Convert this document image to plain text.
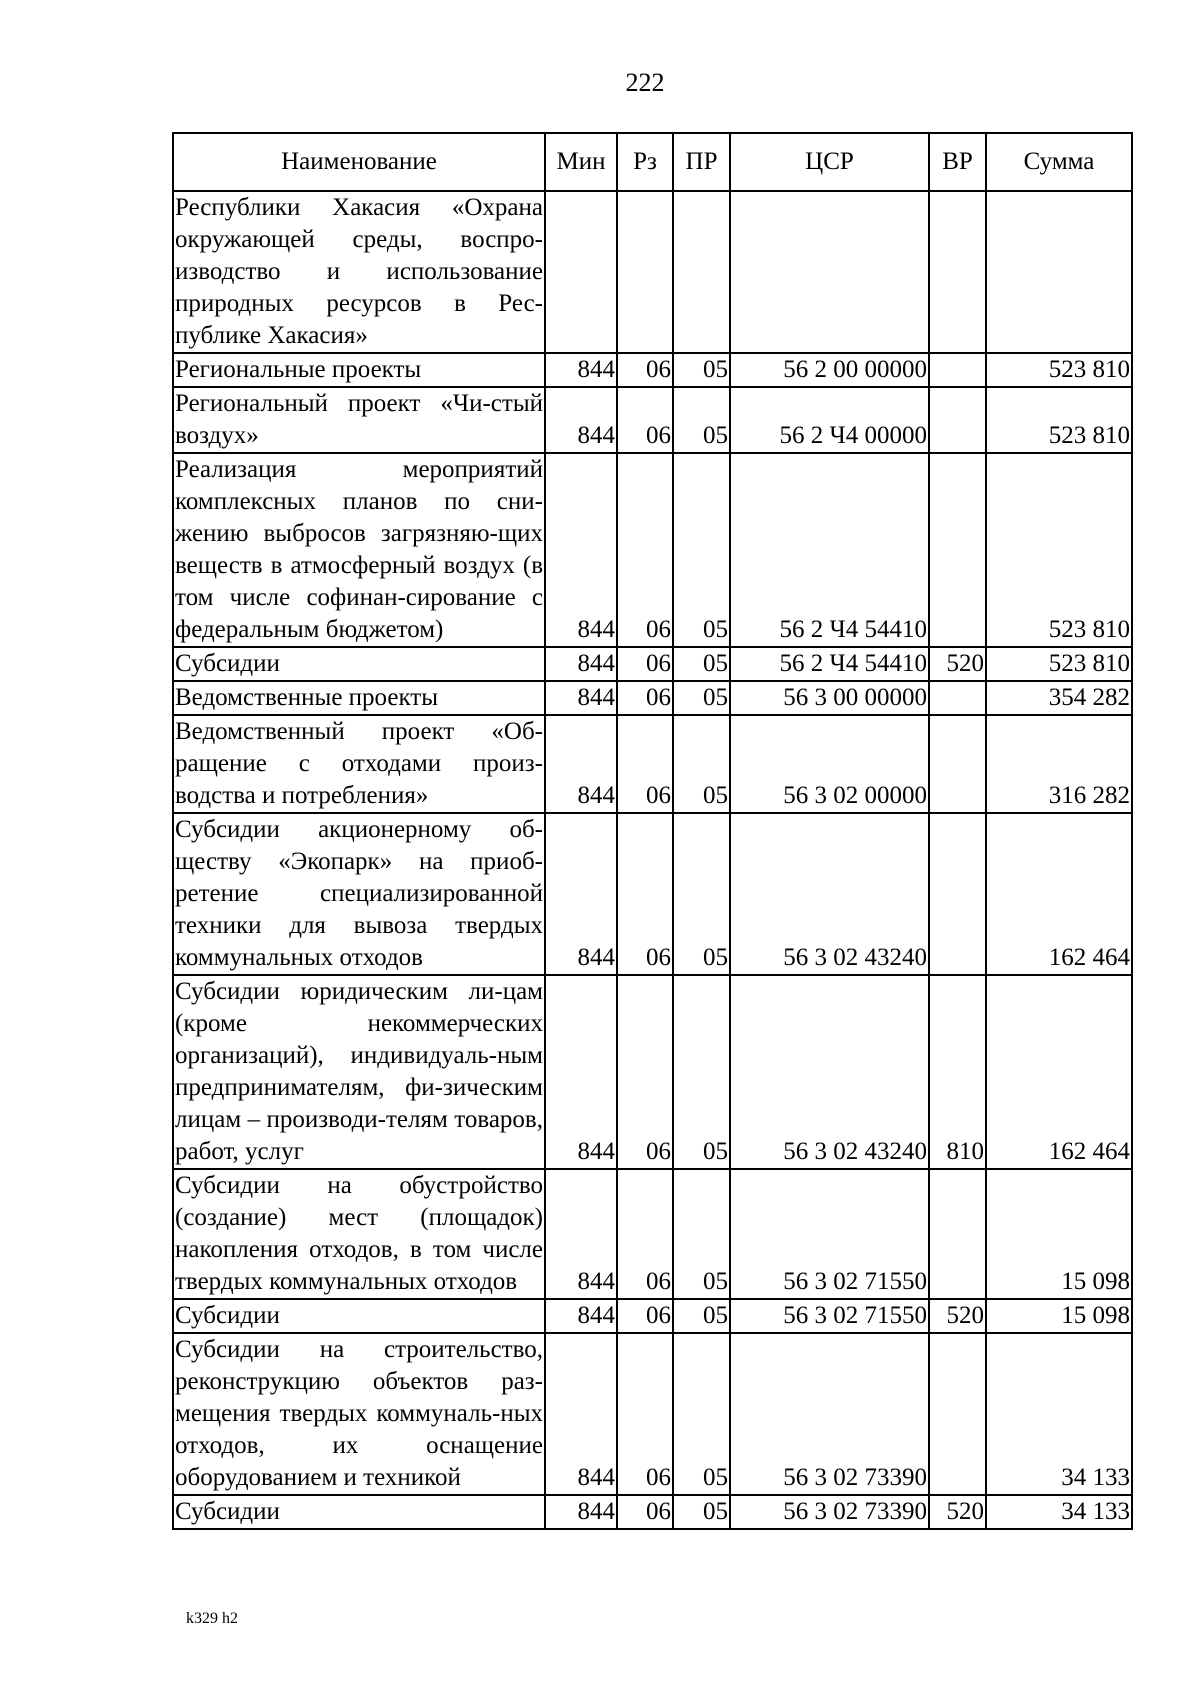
222
Наименование	Мин	Рз	ПР	ЦСР	ВР	Сумма
Республики Хакасия «Охрана окружающей среды, воспро-изводство и использование природных ресурсов в Рес-публике Хакасия»						
Региональные проекты	844	06	05	56 2 00 00000		523 810
Региональный проект «Чи-стый воздух»	844	06	05	56 2 Ч4 00000		523 810
Реализация мероприятий комплексных планов по сни-жению выбросов загрязняю-щих веществ в атмосферный воздух (в том числе софинан-сирование с федеральным бюджетом)	844	06	05	56 2 Ч4 54410		523 810
Субсидии	844	06	05	56 2 Ч4 54410	520	523 810
Ведомственные проекты	844	06	05	56 3 00 00000		354 282
Ведомственный проект «Об-ращение с отходами произ-водства и потребления»	844	06	05	56 3 02 00000		316 282
Субсидии акционерному об-ществу «Экопарк» на приоб-ретение специализированной техники для вывоза твердых коммунальных отходов	844	06	05	56 3 02 43240		162 464
Субсидии юридическим ли-цам (кроме некоммерческих организаций), индивидуаль-ным предпринимателям, фи-зическим лицам – производи-телям товаров, работ, услуг	844	06	05	56 3 02 43240	810	162 464
Субсидии на обустройство (создание) мест (площадок) накопления отходов, в том числе твердых коммунальных отходов	844	06	05	56 3 02 71550		15 098
Субсидии	844	06	05	56 3 02 71550	520	15 098
Субсидии на строительство, реконструкцию объектов раз-мещения твердых коммуналь-ных отходов, их оснащение оборудованием и техникой	844	06	05	56 3 02 73390		34 133
Субсидии	844	06	05	56 3 02 73390	520	34 133
k329 h2
